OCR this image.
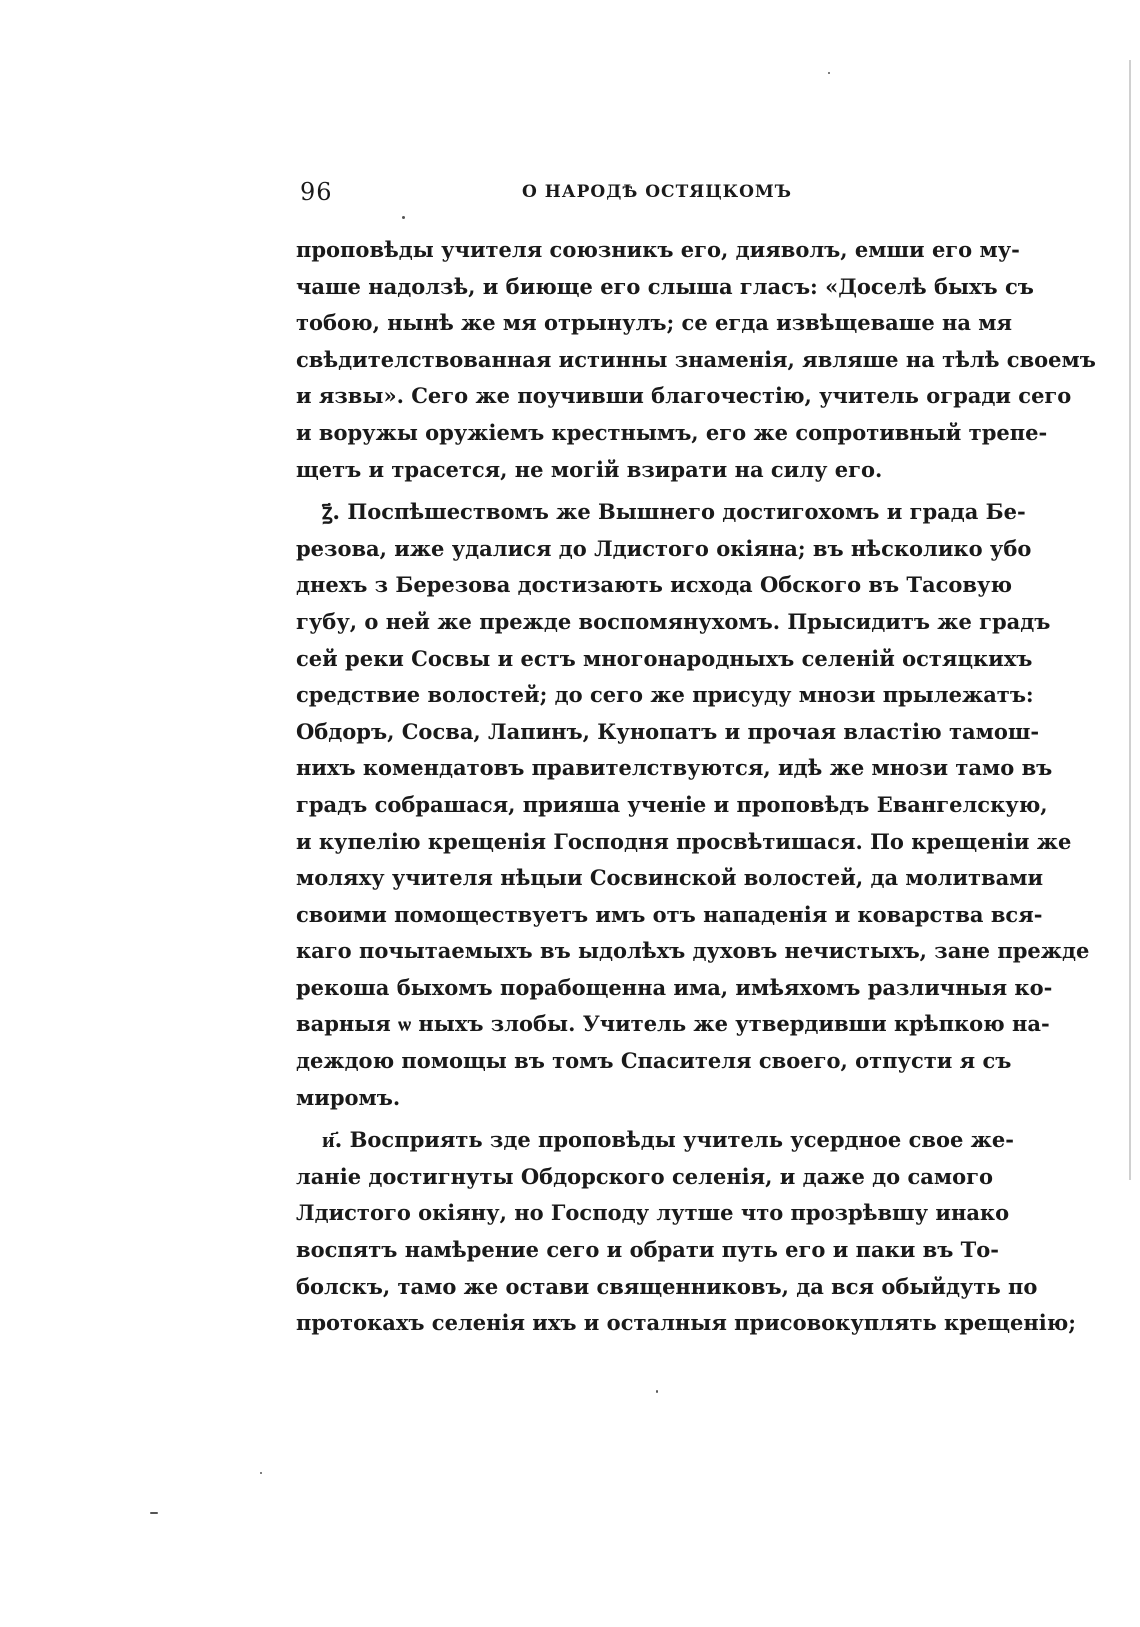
96	О НАРОДѢ ОСТЯЦКОМЪ
проповѣды учителя союзникъ его, дияволъ, емши его му-
чаше надолзѣ, и биюще его слыша гласъ: «Доселѣ быхъ съ
тобою, нынѣ же мя отрынулъ; се егда извѣщеваше на мя
свѣдителствованная истинны знаменія, являше на тѣлѣ своемъ
и язвы». Сего же поучивши благочестію, учитель огради сего
и воружы оружіемъ крестнымъ, его же сопротивный трепе-
щетъ и трасется, не могій взирати на силу его.
ꙁ҃. Поспѣшествомъ же Вышнего достигохомъ и града Бе-
резова, иже удалися до Лдистого окіяна; въ нѣсколико убо
днехъ з Березова достизають исхода Обского въ Тасовую
губу, о ней же прежде воспомянухомъ. Прысидитъ же градъ
сей реки Сосвы и естъ многонародныхъ селеній остяцкихъ
средствие волостей; до сего же присуду мнози прылежатъ:
Обдоръ, Сосва, Лапинъ, Кунопатъ и прочая властію тамош-
нихъ комендатовъ правителствуются, идѣ же мнози тамо въ
градъ собрашася, прияша ученіе и проповѣдъ Евангелскую,
и купелію крещенія Господня просвѣтишася. По крещеніи же
моляху учителя нѣцыи Сосвинской волостей, да молитвами
своими помоществуетъ имъ отъ нападенія и коварства вся-
каго почытаемыхъ въ ыдолѣхъ духовъ нечистыхъ, зане прежде
рекоша быхомъ порабощенна има, имѣяхомъ различныя ко-
варныя ѡ ныхъ злобы. Учитель же утвердивши крѣпкою на-
деждою помощы въ томъ Спасителя своего, отпусти я съ
миромъ.
и҃. Восприять зде проповѣды учитель усердное свое же-
ланіе достигнуты Обдорского селенія, и даже до самого
Лдистого окіяну, но Господу лутше что прозрѣвшу инако
воспятъ намѣрение сего и обрати путь его и паки въ То-
болскъ, тамо же остави священниковъ, да вся обыйдуть по
протокахъ селенія ихъ и осталныя присовокуплять крещенію;
